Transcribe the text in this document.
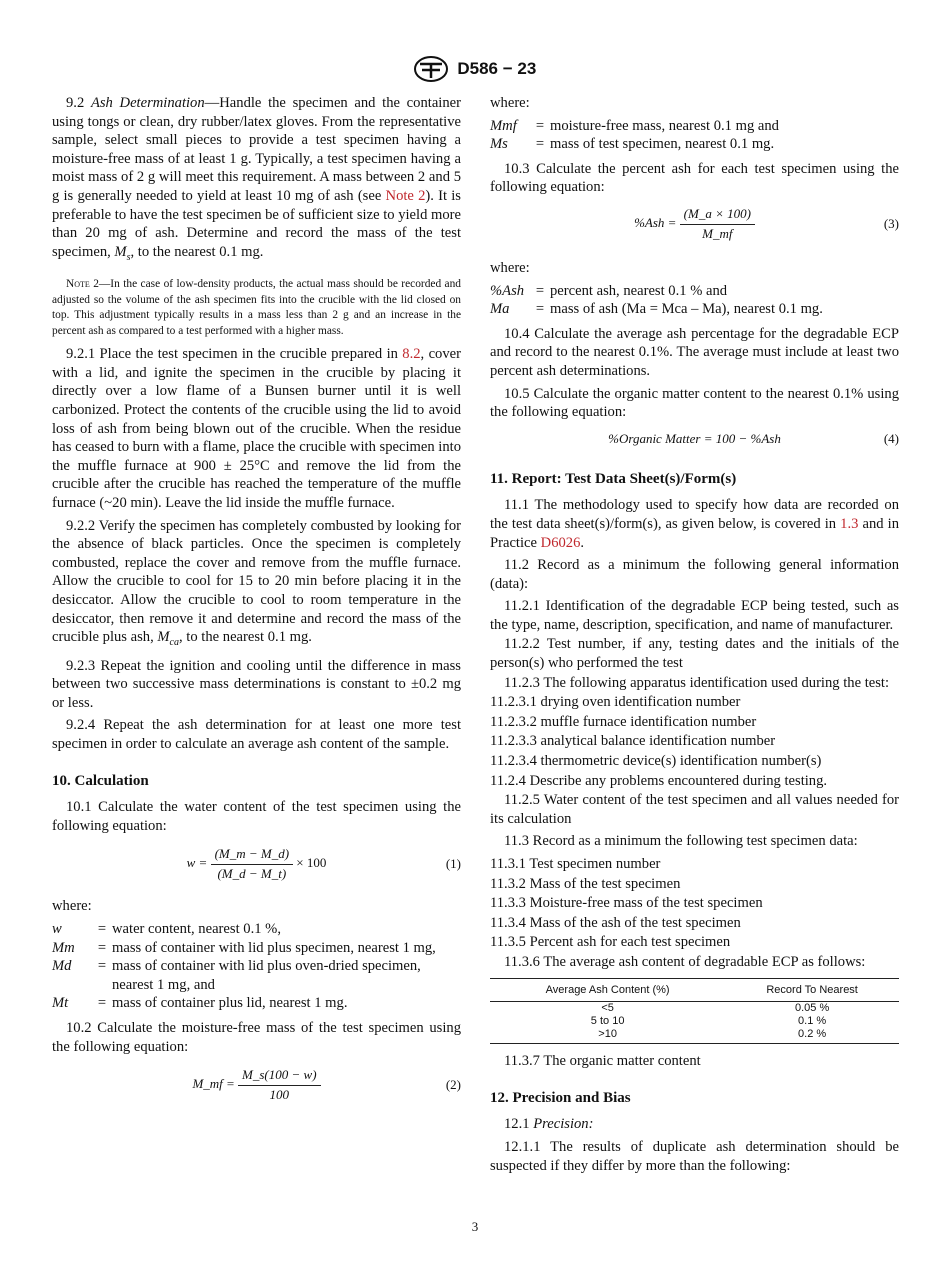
D586 − 23

9.2 Ash Determination—Handle the specimen and the container using tongs or clean, dry rubber/latex gloves. From the representative sample, select small pieces to provide a test specimen having a moisture-free mass of at least 1 g. Typically, a test specimen having a moist mass of 2 g will meet this requirement. A mass between 2 and 5 g is generally needed to yield at least 10 mg of ash (see Note 2). It is preferable to have the test specimen be of sufficient size to yield more than 20 mg of ash. Determine and record the mass of the test specimen, $M_s$, to the nearest 0.1 mg.

Note 2—In the case of low-density products, the actual mass should be recorded and adjusted so the volume of the ash specimen fits into the crucible with the lid closed on top. This adjustment typically results in a mass less than 2 g and an increase in the percent ash as compared to a test performed with a higher mass.

9.2.1 Place the test specimen in the crucible prepared in 8.2, cover with a lid, and ignite the specimen in the crucible by placing it directly over a low flame of a Bunsen burner until it is well carbonized. Protect the contents of the crucible using the lid to avoid loss of ash from being blown out of the crucible. When the residue has ceased to burn with a flame, place the crucible with specimen into the muffle furnace at 900 ± 25°C and remove the lid from the crucible after the crucible has reached the temperature of the muffle furnace (~20 min). Leave the lid inside the muffle furnace.

9.2.2 Verify the specimen has completely combusted by looking for the absence of black particles. Once the specimen is completely combusted, replace the cover and remove from the muffle furnace. Allow the crucible to cool for 15 to 20 min before placing it in the desiccator. Allow the crucible to cool to room temperature in the desiccator, then remove it and determine and record the mass of the crucible plus ash, $M_{ca}$, to the nearest 0.1 mg.

9.2.3 Repeat the ignition and cooling until the difference in mass between two successive mass determinations is constant to ±0.2 mg or less.

9.2.4 Repeat the ash determination for at least one more test specimen in order to calculate an average ash content of the sample.

10. Calculation

10.1 Calculate the water content of the test specimen using the following equation:

$w = \frac{(M\_m - M\_d)}{(M\_d - M\_t)} \times 100$	(1)

where:

w	= water content, nearest 0.1 %,
Mm	= mass of container with lid plus specimen, nearest 1 mg,
Md	= mass of container with lid plus oven-dried specimen, nearest 1 mg, and
Mt	= mass of container plus lid, nearest 1 mg.

10.2 Calculate the moisture-free mass of the test specimen using the following equation:

M_mf = $\frac{M\_s(100 - w)}{100}$	(2)

where:

Mmf	= moisture-free mass, nearest 0.1 mg and
Ms	= mass of test specimen, nearest 0.1 mg.

10.3 Calculate the percent ash for each test specimen using the following equation:

$\%Ash = \frac{(M\_a \times 100)}{M\_mf}$	(3)

where:

%Ash = percent ash, nearest 0.1 % and
Ma	= mass of ash (Ma = Mca – Ma), nearest 0.1 mg.

10.4 Calculate the average ash percentage for the degradable ECP and record to the nearest 0.1%. The average must include at least two percent ash determinations.

10.5 Calculate the organic matter content to the nearest 0.1% using the following equation:

%Organic Matter = 100 − %Ash	(4)
11. Report: Test Data Sheet(s)/Form(s)

11.1 The methodology used to specify how data are recorded on the test data sheet(s)/form(s), as given below, is covered in 1.3 and in Practice D6026.

11.2 Record as a minimum the following general information (data):

11.2.1 Identification of the degradable ECP being tested, such as the type, name, description, specification, and name of manufacturer.

11.2.2 Test number, if any, testing dates and the initials of the person(s) who performed the test

11.2.3 The following apparatus identification used during the test:

11.2.3.1 drying oven identification number

11.2.3.2 muffle furnace identification number

11.2.3.3 analytical balance identification number

11.2.3.4 thermometric device(s) identification number(s)

11.2.4 Describe any problems encountered during testing.

11.2.5 Water content of the test specimen and all values needed for its calculation

11.3 Record as a minimum the following test specimen data:

11.3.1 Test specimen number

11.3.2 Mass of the test specimen

11.3.3 Moisture-free mass of the test specimen

11.3.4 Mass of the ash of the test specimen

11.3.5 Percent ash for each test specimen

11.3.6 The average ash content of degradable ECP as follows:

Average Ash Content (%)	Record To Nearest
<5	0.05 %
5 to 10	0.1 %
>10	0.2 %

11.3.7 The organic matter content

12. Precision and Bias

12.1 Precision:

12.1.1 The results of duplicate ash determination should be suspected if they differ by more than the following:

3
